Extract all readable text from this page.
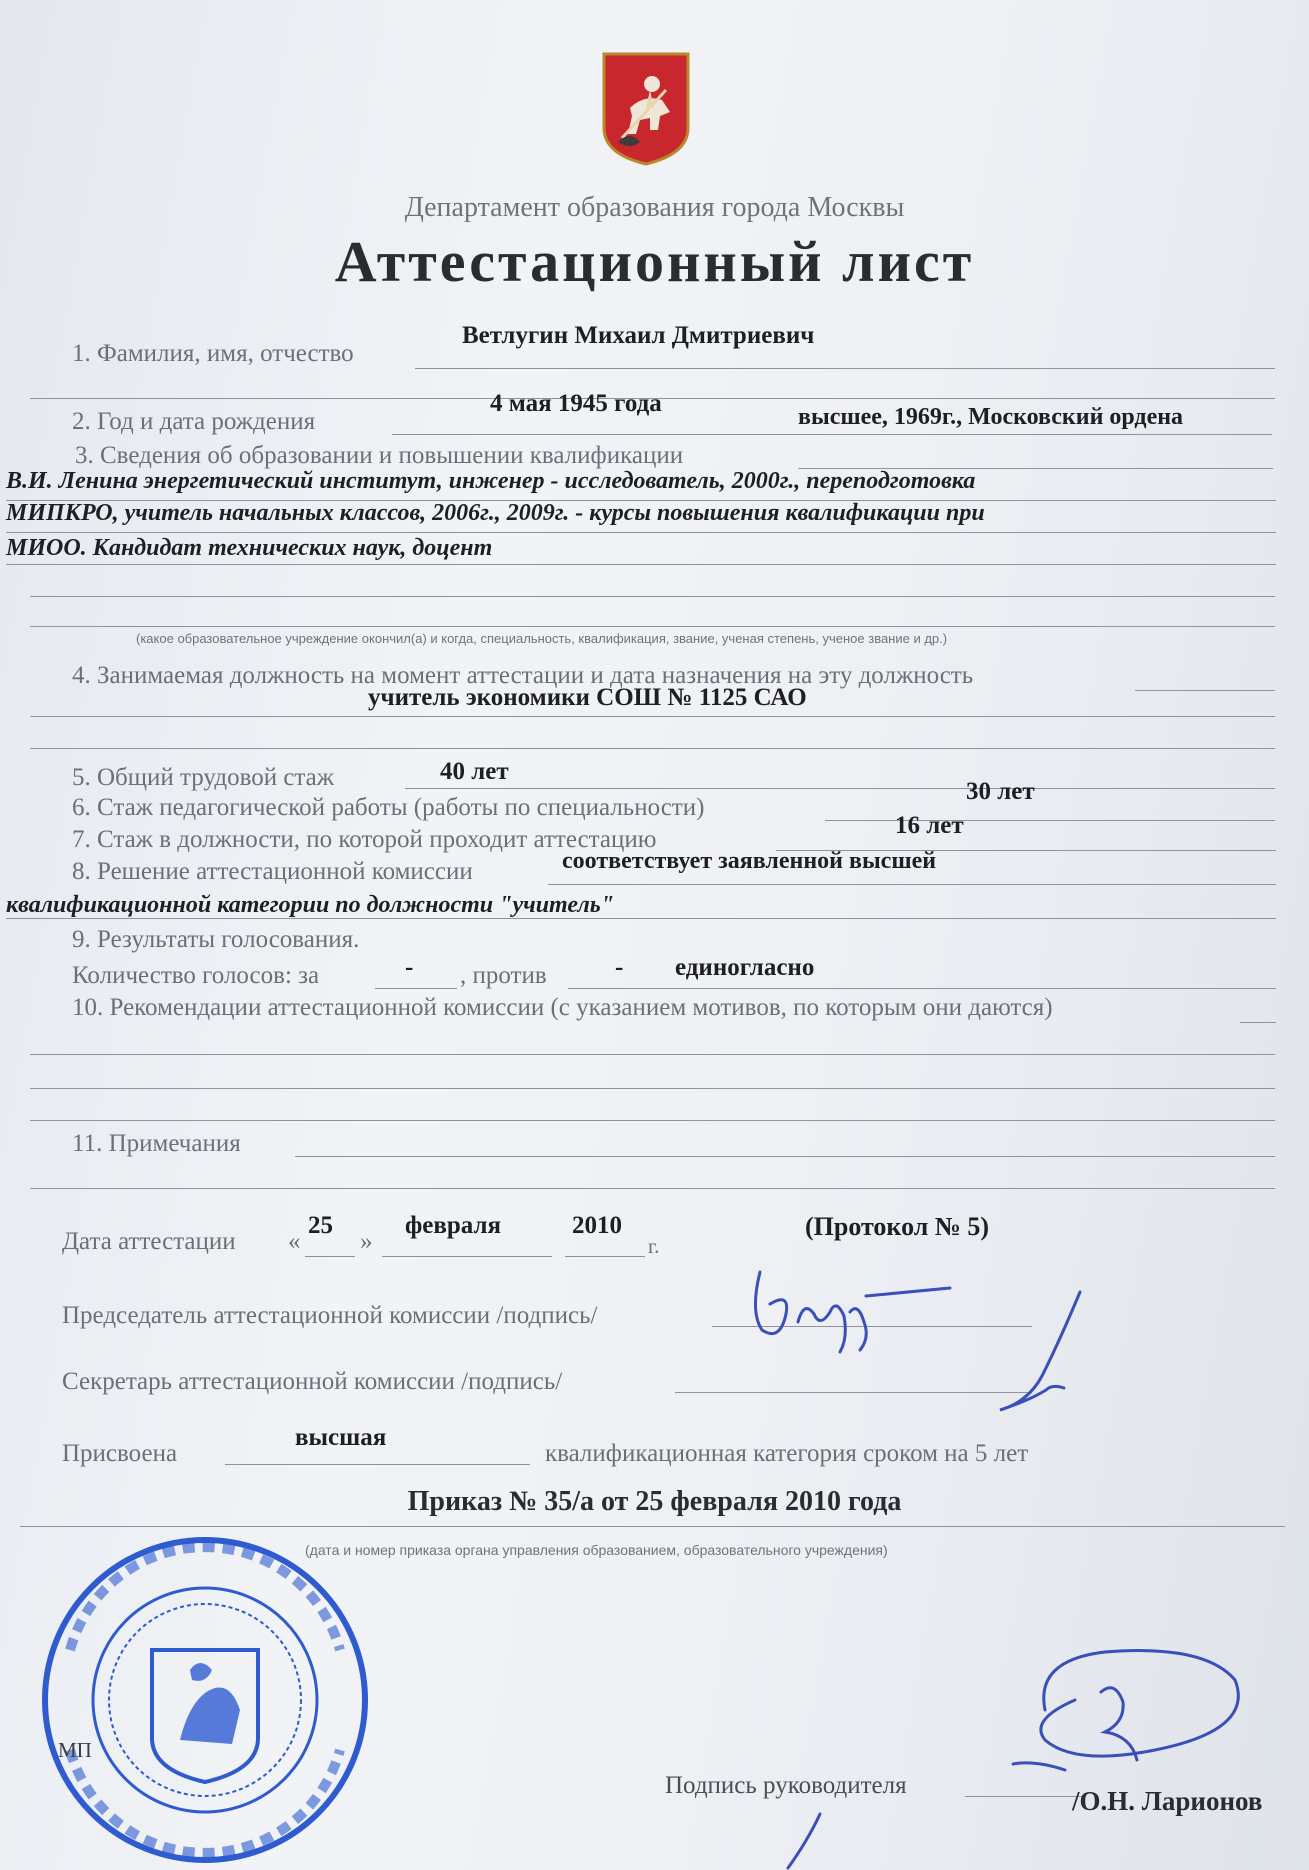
Департамент образования города Москвы
Аттестационный лист
1. Фамилия, имя, отчество
Ветлугин Михаил Дмитриевич
2. Год и дата рождения
4 мая 1945 года
3. Сведения об образовании и повышении квалификации
высшее, 1969г., Московский ордена
В.И. Ленина энергетический институт, инженер - исследователь, 2000г., переподготовка
МИПКРО, учитель начальных классов, 2006г., 2009г. - курсы повышения квалификации при
МИОО. Кандидат технических наук, доцент
(какое образовательное учреждение окончил(а) и когда, специальность, квалификация, звание, ученая степень, ученое звание и др.)
4. Занимаемая должность на момент аттестации и дата назначения на эту должность
учитель экономики СОШ № 1125 САО
5. Общий трудовой стаж	40 лет
6. Стаж педагогической работы (работы по специальности)
30 лет
7. Стаж в должности, по которой проходит аттестацию
16 лет
8. Решение аттестационной комиссии	соответствует заявленной высшей
квалификационной категории по должности "учитель"
9. Результаты голосования.
Количество голосов: за	- , против	- единогласно
10. Рекомендации аттестационной комиссии (с указанием мотивов, по которым они даются)
11. Примечания
Дата аттестации «
25
»
февраля	2010
г.
(Протокол № 5)
Председатель аттестационной комиссии /подпись/
Секретарь аттестационной комиссии /подпись/
Присвоена
высшая
квалификационная категория сроком на 5 лет
Приказ № 35/а от 25 февраля 2010 года
(дата и номер приказа органа управления образованием, образовательного учреждения)
МП
Подпись руководителя
/О.Н. Ларионов
